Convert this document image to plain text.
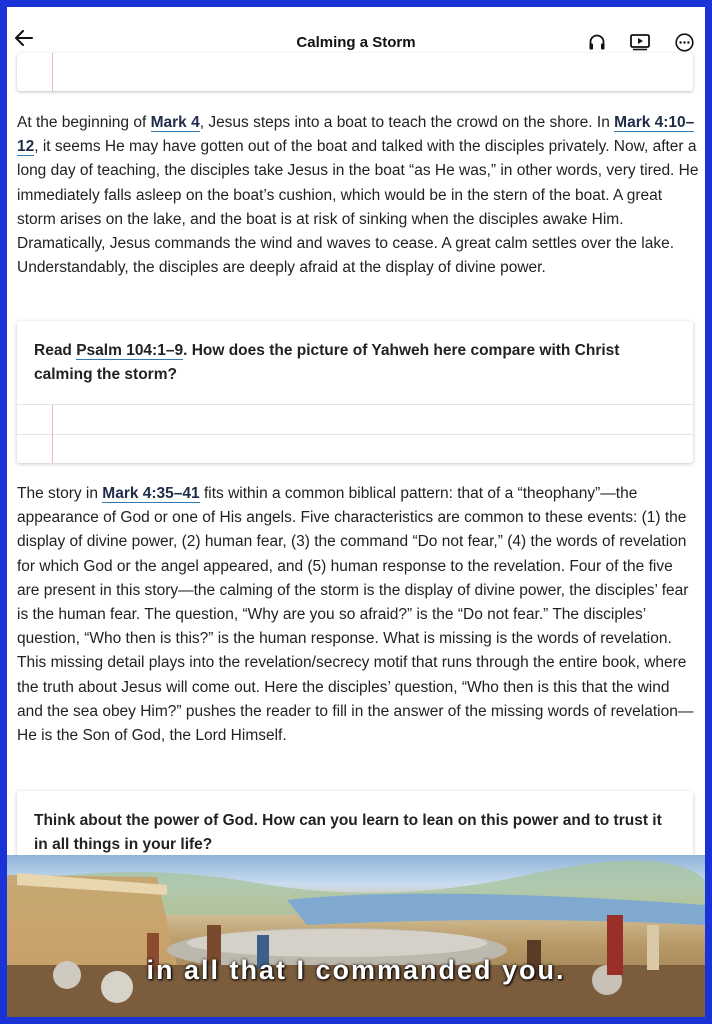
Calming a Storm

At the beginning of Mark 4, Jesus steps into a boat to teach the crowd on the shore. In Mark 4:10–12, it seems He may have gotten out of the boat and talked with the disciples privately. Now, after a long day of teaching, the disciples take Jesus in the boat “as He was,” in other words, very tired. He immediately falls asleep on the boat’s cushion, which would be in the stern of the boat. A great storm arises on the lake, and the boat is at risk of sinking when the disciples awake Him. Dramatically, Jesus commands the wind and waves to cease. A great calm settles over the lake. Understandably, the disciples are deeply afraid at the display of divine power.

Read Psalm 104:1–9. How does the picture of Yahweh here compare with Christ calming the storm?

The story in Mark 4:35–41 fits within a common biblical pattern: that of a “theophany”—the appearance of God or one of His angels. Five characteristics are common to these events: (1) the display of divine power, (2) human fear, (3) the command “Do not fear,” (4) the words of revelation for which God or the angel appeared, and (5) human response to the revelation. Four of the five are present in this story—the calming of the storm is the display of divine power, the disciples’ fear is the human fear. The question, “Why are you so afraid?” is the “Do not fear.” The disciples’ question, “Who then is this?” is the human response. What is missing is the words of revelation. This missing detail plays into the revelation/secrecy motif that runs through the entire book, where the truth about Jesus will come out. Here the disciples’ question, “Who then is this that the wind and the sea obey Him?” pushes the reader to fill in the answer of the missing words of revelation—He is the Son of God, the Lord Himself.

Think about the power of God. How can you learn to lean on this power and to trust it in all things in your life?

in all that I commanded you.
